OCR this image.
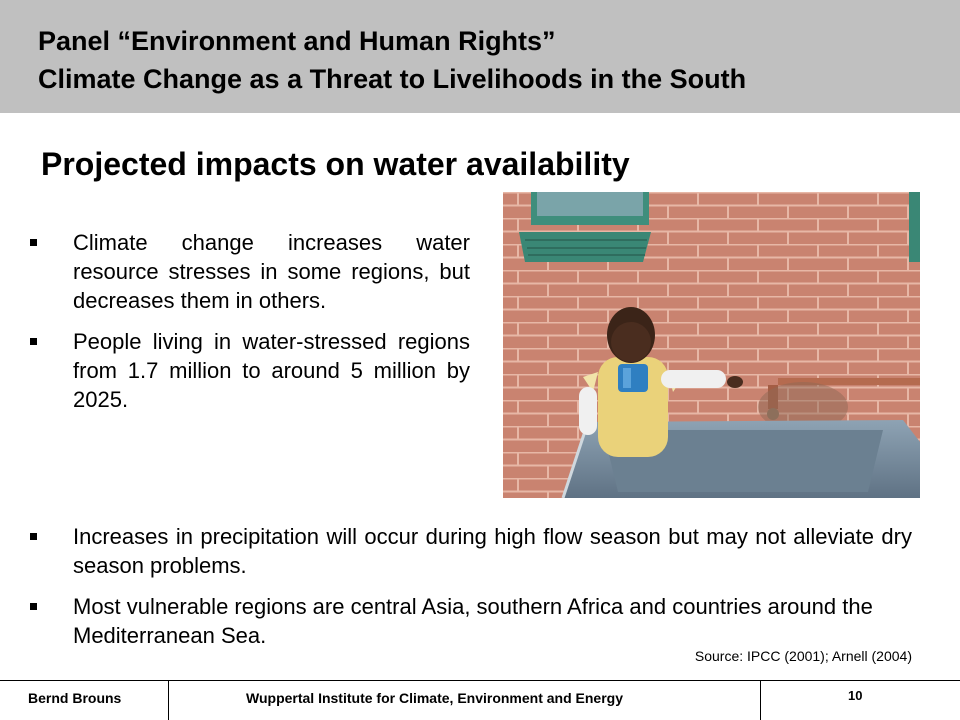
Panel “Environment and Human Rights”
Climate Change as a Threat to Livelihoods in the South
Projected impacts on water availability
Climate change increases water resource stresses in some regions, but decreases them in others.
People living in water-stressed regions from 1.7 million to around 5 million by 2025.
Increases in precipitation will occur during high flow season but may not alleviate dry season problems.
Most vulnerable regions are central Asia, southern Africa and countries around the Mediterranean Sea.
Source: IPCC (2001); Arnell (2004)
Bernd Brouns	Wuppertal Institute for Climate, Environment and Energy	10
